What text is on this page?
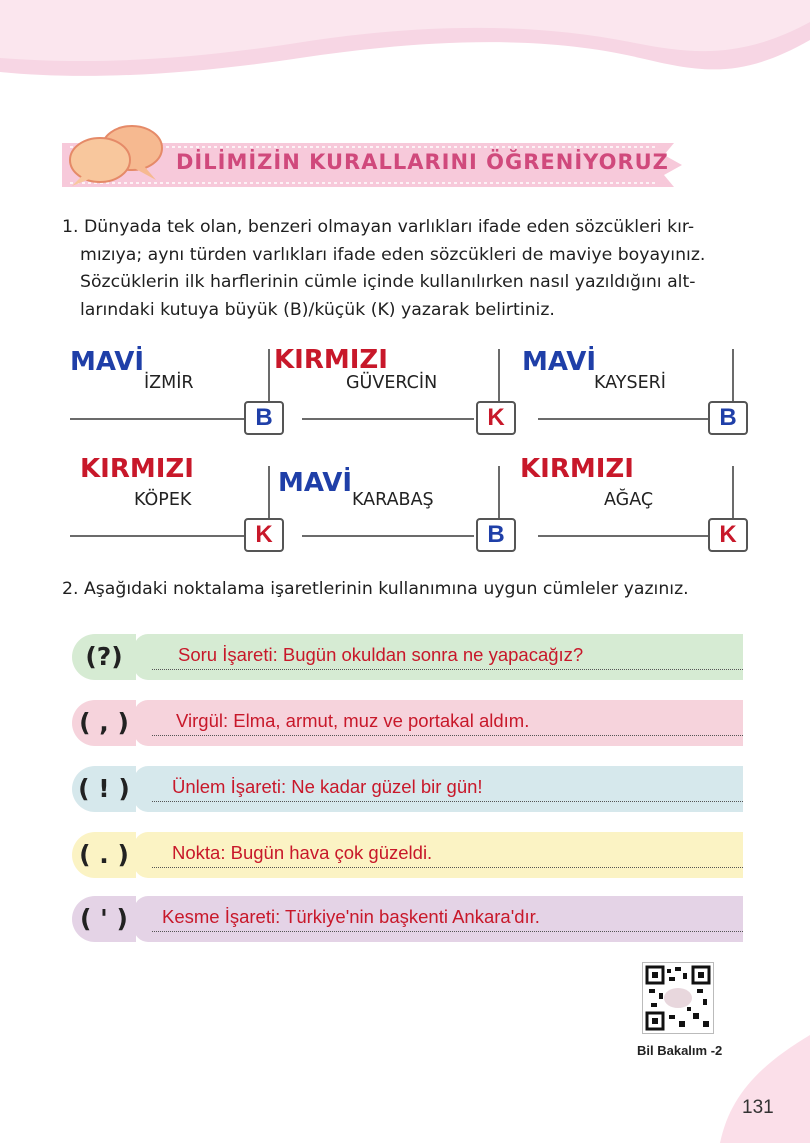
DİLİMİZİN KURALLARINI ÖĞRENİYORUZ
1. Dünyada tek olan, benzeri olmayan varlıkları ifade eden sözcükleri kır-
mızıya; aynı türden varlıkları ifade eden sözcükleri de maviye boyayınız.
Sözcüklerin ilk harflerinin cümle içinde kullanılırken nasıl yazıldığını alt-
larındaki kutuya büyük (B)/küçük (K) yazarak belirtiniz.
MAVİ
İZMİR
B
KIRMIZI
GÜVERCİN
K
MAVİ
KAYSERİ
B
KIRMIZI
KÖPEK
K
MAVİ
KARABAŞ
B
KIRMIZI
AĞAÇ
K
2. Aşağıdaki noktalama işaretlerinin kullanımına uygun cümleler yazınız.
(?)	Soru İşareti: Bugün okuldan sonra ne yapacağız?
( , )	Virgül: Elma, armut, muz ve portakal aldım.
( ! )	Ünlem İşareti: Ne kadar güzel bir gün!
( . )	Nokta: Bugün hava çok güzeldi.
( ' )	Kesme İşareti: Türkiye'nin başkenti Ankara'dır.
Bil Bakalım -2
131
